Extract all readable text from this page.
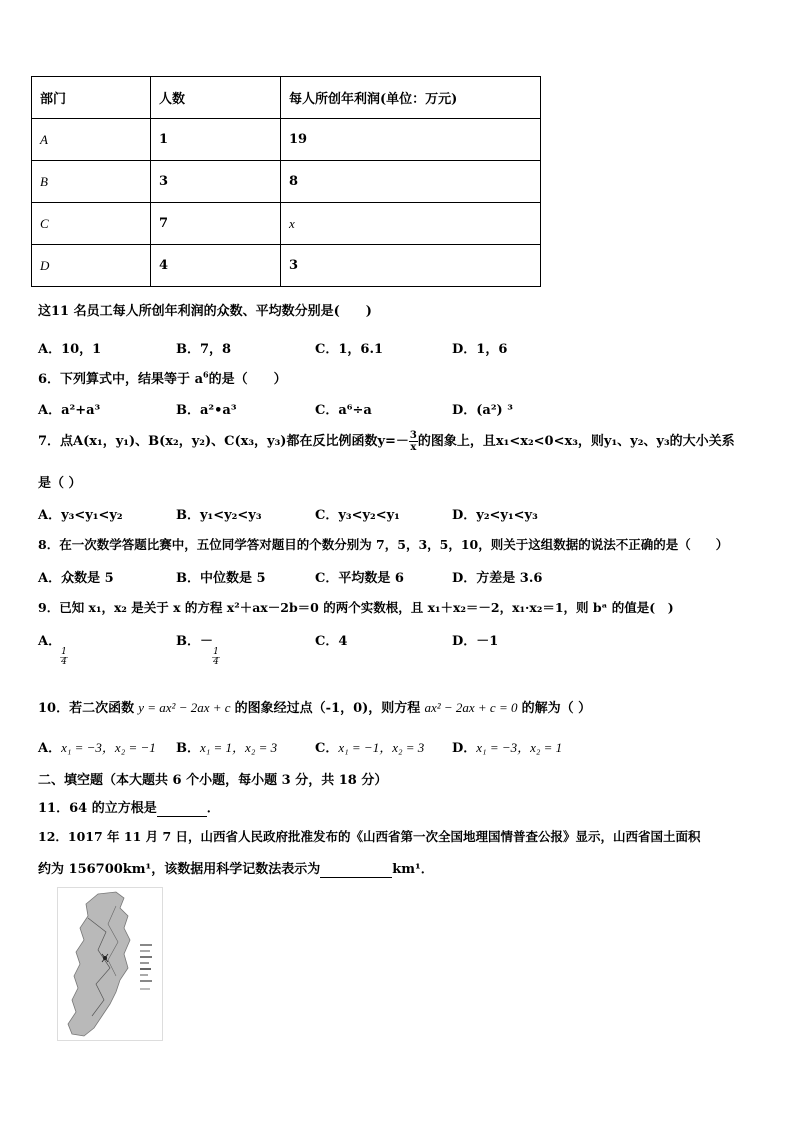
部门	人数	每人所创年利润(单位：万元)
A	1	19
B	3	8
C	7	x
D	4	3
这11 名员工每人所创年利润的众数、平均数分别是(　　)
A．10，1	B．7，8	C．1，6.1	D．1，6
6．下列算式中，结果等于 $a^6$的是（　　）
A．a²+a³	B．a²•a³	C．a⁶÷a	D．(a²) ³
7．点A(x₁，y₁)、B(x₂，y₂)、C(x₃，y₃)都在反比例函数$y=- \frac{3}{x}$ 的图象上，且x₁<x₂<0<x₃，则y₁、y₂、y₃的大小关系
是（ ）
A．y₃<y₁<y₂	B．y₁<y₂<y₃	C．y₃<y₂<y₁	D．y₂<y₁<y₃
8．在一次数学答题比赛中，五位同学答对题目的个数分别为 7，5，3，5，10，则关于这组数据的说法不正确的是（　　）
A．众数是 5	B．中位数是 5	C．平均数是 6	D．方差是 3.6
9．已知 x₁，x₂ 是关于 x 的方程 x²＋ax－2b＝0 的两个实数根，且 x₁＋x₂＝－2，x₁·x₂＝1，则 bᵃ 的值是(　)
A．
$\frac{1}{4}$
B．－
$\frac{1}{4}$
C．4	D．－1
10．若二次函数 y = ax² − 2ax + c 的图象经过点（-1，0)，则方程 ax² − 2ax + c = 0 的解为（ ）
A．x₁ = −3，x₂ = −1 B．x₁ = 1，x₂ = 3	C．x₁ = −1，x₂ = 3 D．x₁ = −3，x₂ = 1
二、填空题（本大题共 6 个小题，每小题 3 分，共 18 分）
11．64 的立方根是	．
12．1017 年 11 月 7 日，山西省人民政府批准发布的《山西省第一次全国地理国情普查公报》显示，山西省国土面积
约为 156700km¹，该数据用科学记数法表示为	km¹．
